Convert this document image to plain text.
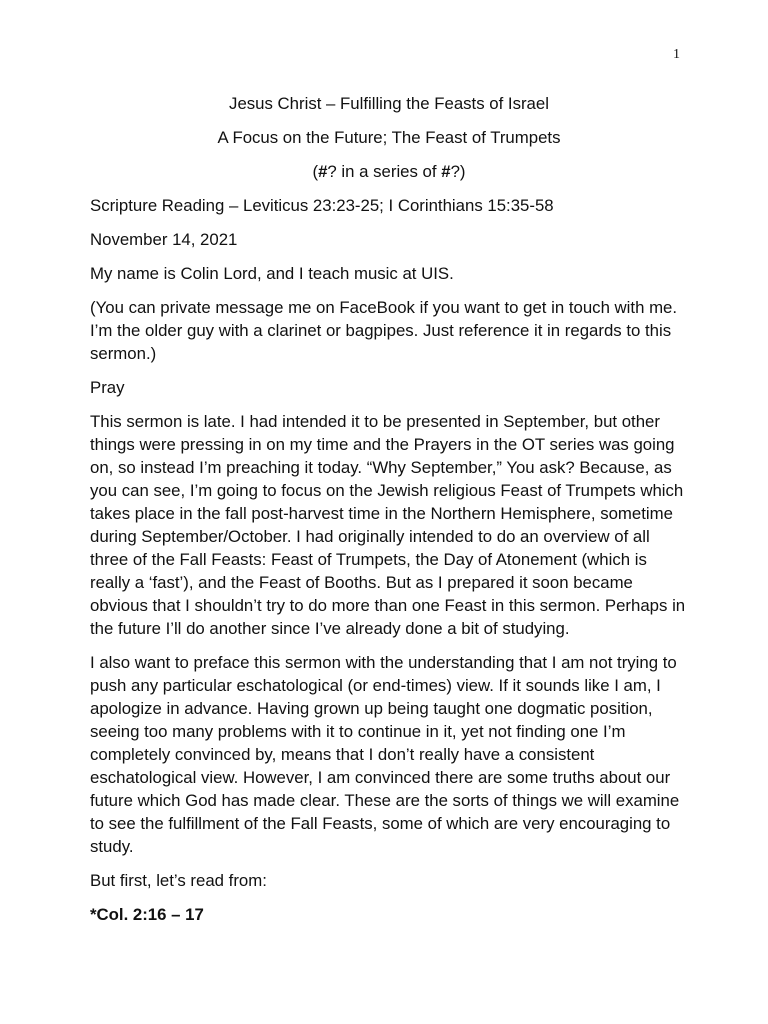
1

Jesus Christ – Fulfilling the Feasts of Israel

A Focus on the Future; The Feast of Trumpets

(#? in a series of #?)

Scripture Reading – Leviticus 23:23-25; I Corinthians 15:35-58

November 14, 2021

My name is Colin Lord, and I teach music at UIS.

(You can private message me on FaceBook if you want to get in touch with me. I’m the older guy with a clarinet or bagpipes. Just reference it in regards to this sermon.)

Pray

This sermon is late. I had intended it to be presented in September, but other things were pressing in on my time and the Prayers in the OT series was going on, so instead I’m preaching it today. “Why September,” You ask? Because, as you can see, I’m going to focus on the Jewish religious Feast of Trumpets which takes place in the fall post-harvest time in the Northern Hemisphere, sometime during September/October. I had originally intended to do an overview of all three of the Fall Feasts: Feast of Trumpets, the Day of Atonement (which is really a ‘fast’), and the Feast of Booths. But as I prepared it soon became obvious that I shouldn’t try to do more than one Feast in this sermon. Perhaps in the future I’ll do another since I’ve already done a bit of studying.

I also want to preface this sermon with the understanding that I am not trying to push any particular eschatological (or end-times) view. If it sounds like I am, I apologize in advance. Having grown up being taught one dogmatic position, seeing too many problems with it to continue in it, yet not finding one I’m completely convinced by, means that I don’t really have a consistent eschatological view. However, I am convinced there are some truths about our future which God has made clear. These are the sorts of things we will examine to see the fulfillment of the Fall Feasts, some of which are very encouraging to study.

But first, let’s read from:

*Col. 2:16 – 17
